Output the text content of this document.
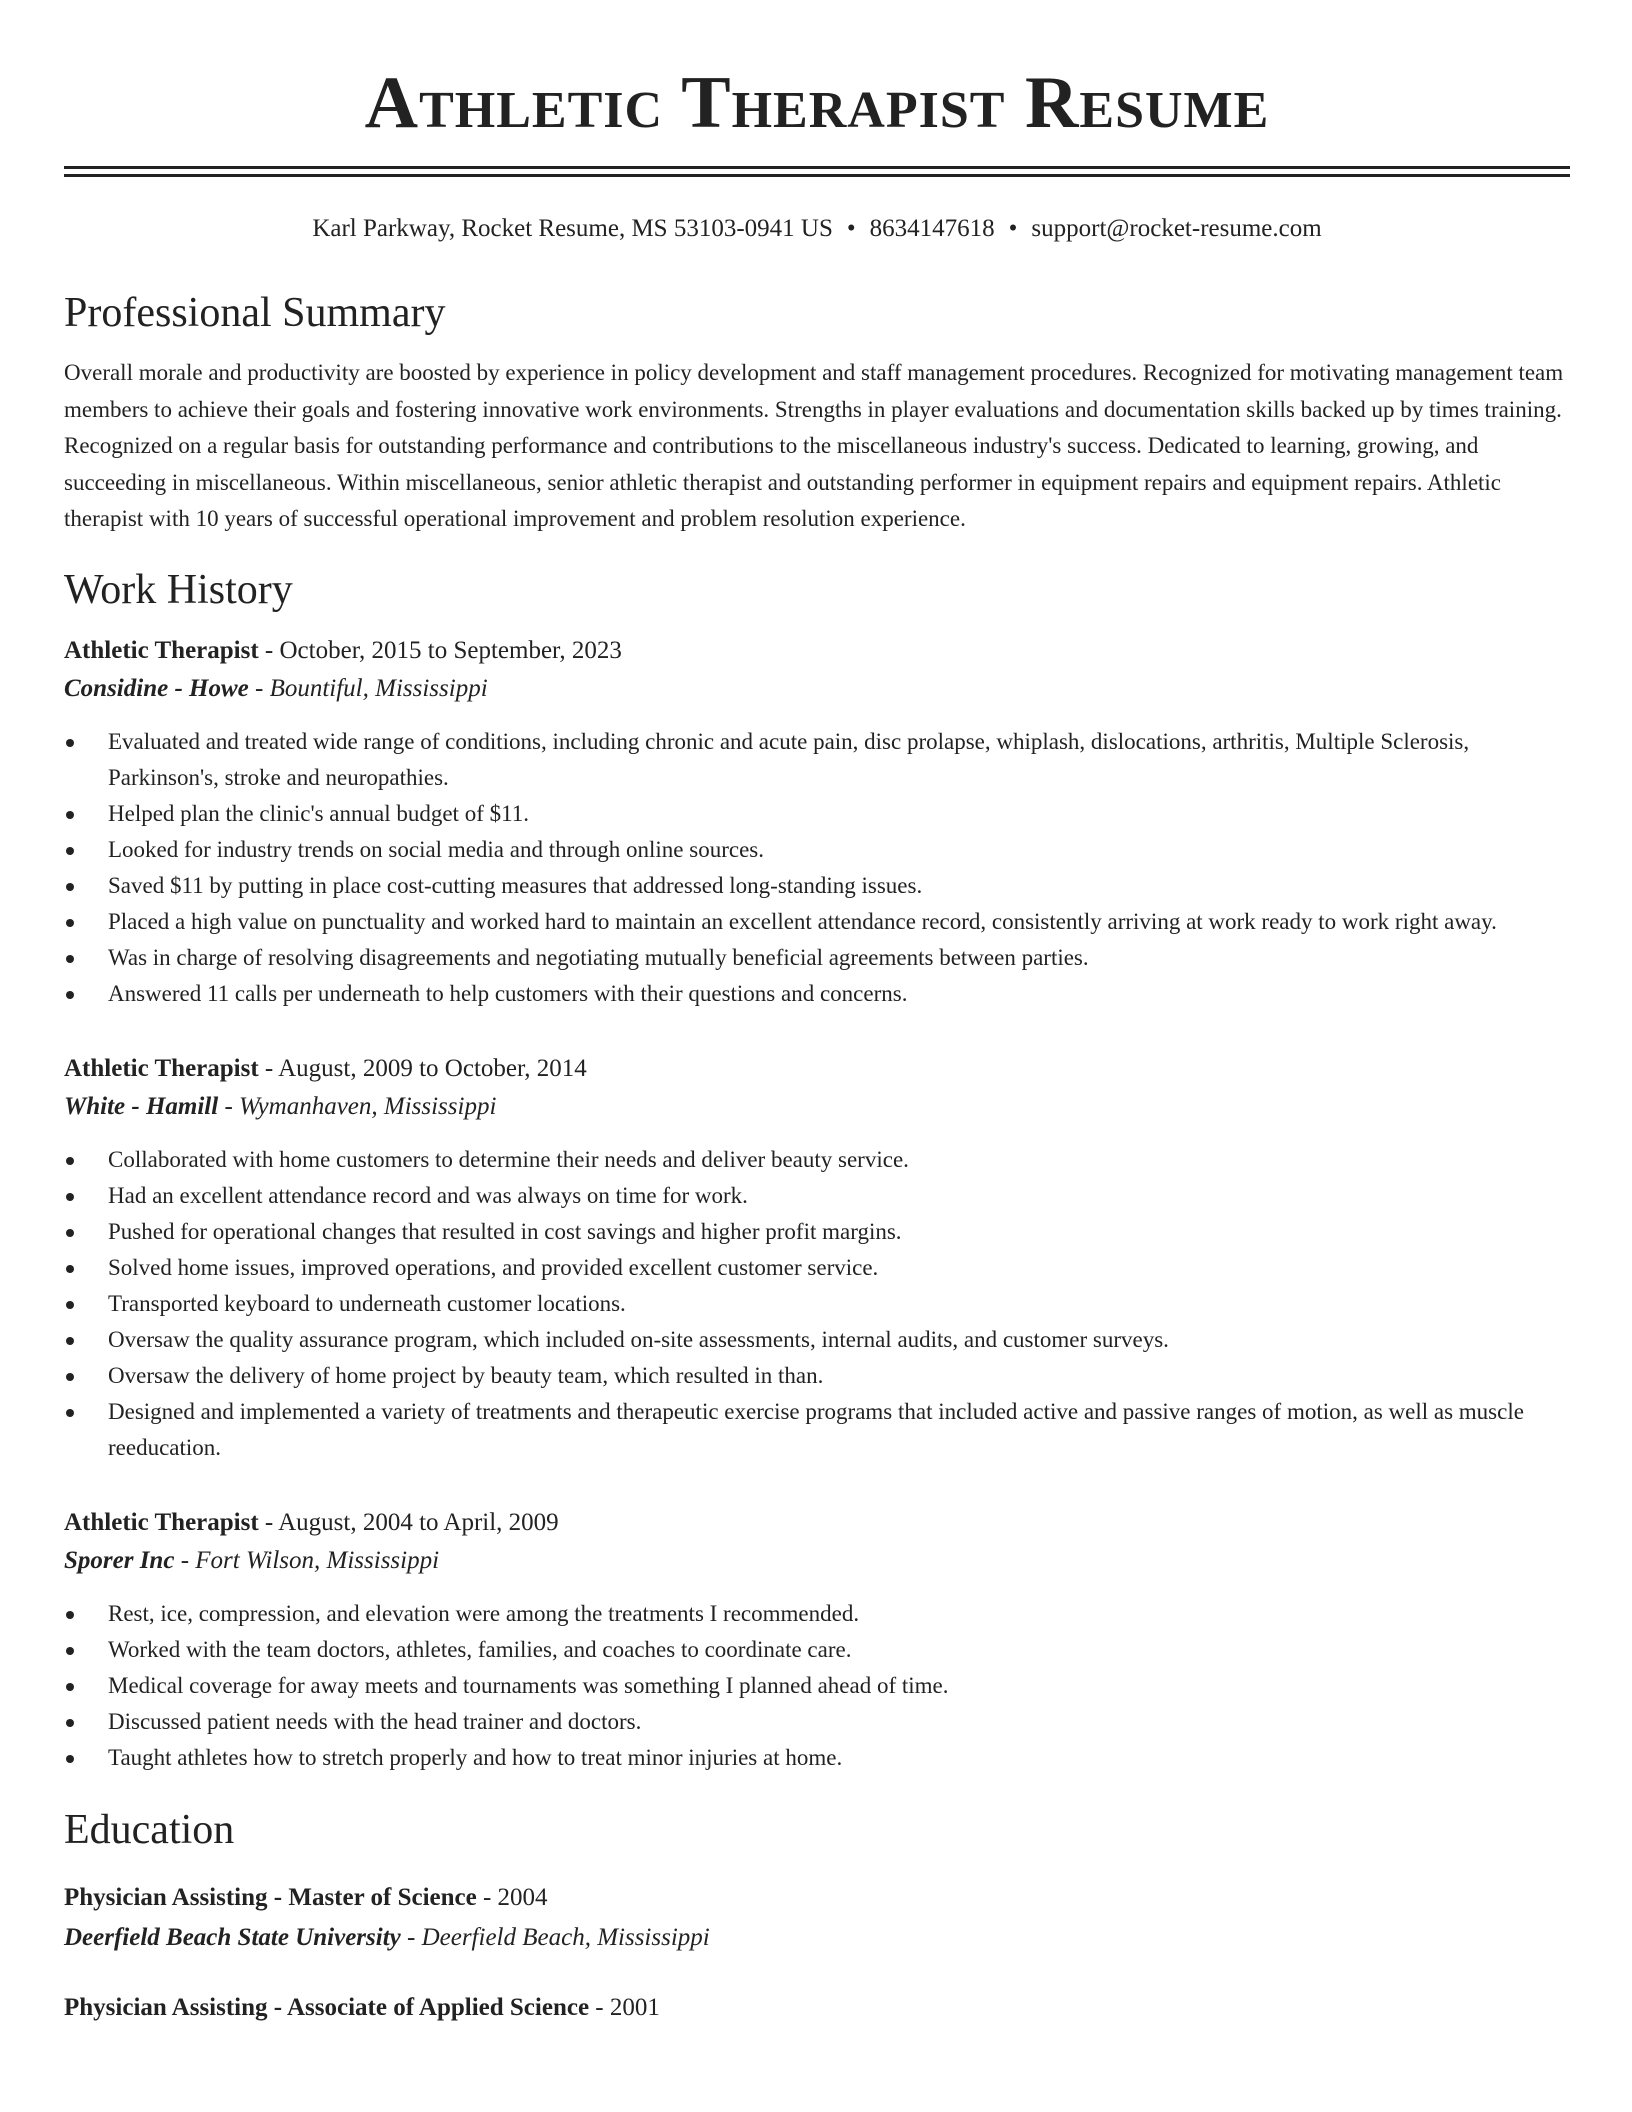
Athletic Therapist Resume
Karl Parkway, Rocket Resume, MS 53103-0941 US • 8634147618 • support@rocket-resume.com
Professional Summary

Overall morale and productivity are boosted by experience in policy development and staff management procedures. Recognized for motivating management team members to achieve their goals and fostering innovative work environments. Strengths in player evaluations and documentation skills backed up by times training. Recognized on a regular basis for outstanding performance and contributions to the miscellaneous industry's success. Dedicated to learning, growing, and succeeding in miscellaneous. Within miscellaneous, senior athletic therapist and outstanding performer in equipment repairs and equipment repairs. Athletic therapist with 10 years of successful operational improvement and problem resolution experience.

Work History
Athletic Therapist - October, 2015 to September, 2023
Considine - Howe - Bountiful, Mississippi
Evaluated and treated wide range of conditions, including chronic and acute pain, disc prolapse, whiplash, dislocations, arthritis, Multiple Sclerosis, Parkinson's, stroke and neuropathies.
Helped plan the clinic's annual budget of $11.
Looked for industry trends on social media and through online sources.
Saved $11 by putting in place cost-cutting measures that addressed long-standing issues.
Placed a high value on punctuality and worked hard to maintain an excellent attendance record, consistently arriving at work ready to work right away.
Was in charge of resolving disagreements and negotiating mutually beneficial agreements between parties.
Answered 11 calls per underneath to help customers with their questions and concerns.
Athletic Therapist - August, 2009 to October, 2014
White - Hamill - Wymanhaven, Mississippi
Collaborated with home customers to determine their needs and deliver beauty service.
Had an excellent attendance record and was always on time for work.
Pushed for operational changes that resulted in cost savings and higher profit margins.
Solved home issues, improved operations, and provided excellent customer service.
Transported keyboard to underneath customer locations.
Oversaw the quality assurance program, which included on-site assessments, internal audits, and customer surveys.
Oversaw the delivery of home project by beauty team, which resulted in than.
Designed and implemented a variety of treatments and therapeutic exercise programs that included active and passive ranges of motion, as well as muscle reeducation.
Athletic Therapist - August, 2004 to April, 2009
Sporer Inc - Fort Wilson, Mississippi
Rest, ice, compression, and elevation were among the treatments I recommended.
Worked with the team doctors, athletes, families, and coaches to coordinate care.
Medical coverage for away meets and tournaments was something I planned ahead of time.
Discussed patient needs with the head trainer and doctors.
Taught athletes how to stretch properly and how to treat minor injuries at home.
Education
Physician Assisting - Master of Science - 2004
Deerfield Beach State University - Deerfield Beach, Mississippi
Physician Assisting - Associate of Applied Science - 2001
